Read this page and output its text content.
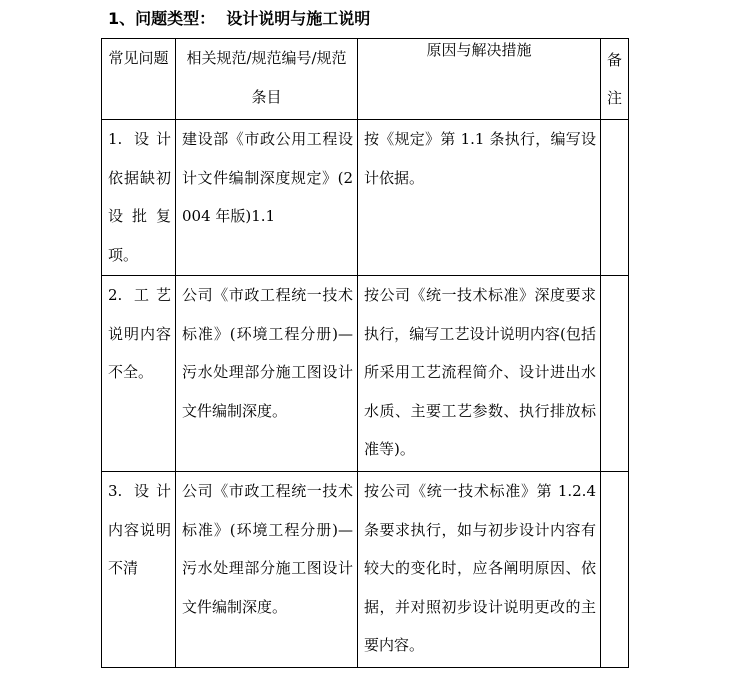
1、问题类型： 设计说明与施工说明
常见问题	相关规范/规范编号/规范条目	原因与解决措施	备注

1. 设计依据缺初设批复项。	建设部《市政公用工程设计文件编制深度规定》(2004 年版)1.1	按《规定》第 1.1 条执行，编写设计依据。	

2. 工艺说明内容不全。	公司《市政工程统一技术标准》(环境工程分册)—污水处理部分施工图设计文件编制深度。	按公司《统一技术标准》深度要求执行，编写工艺设计说明内容(包括所采用工艺流程简介、设计进出水水质、主要工艺参数、执行排放标准等)。	

3. 设计内容说明不清	公司《市政工程统一技术标准》(环境工程分册)—污水处理部分施工图设计文件编制深度。	按公司《统一技术标准》第 1.2.4 条要求执行，如与初步设计内容有较大的变化时，应各阐明原因、依据，并对照初步设计说明更改的主要内容。	
